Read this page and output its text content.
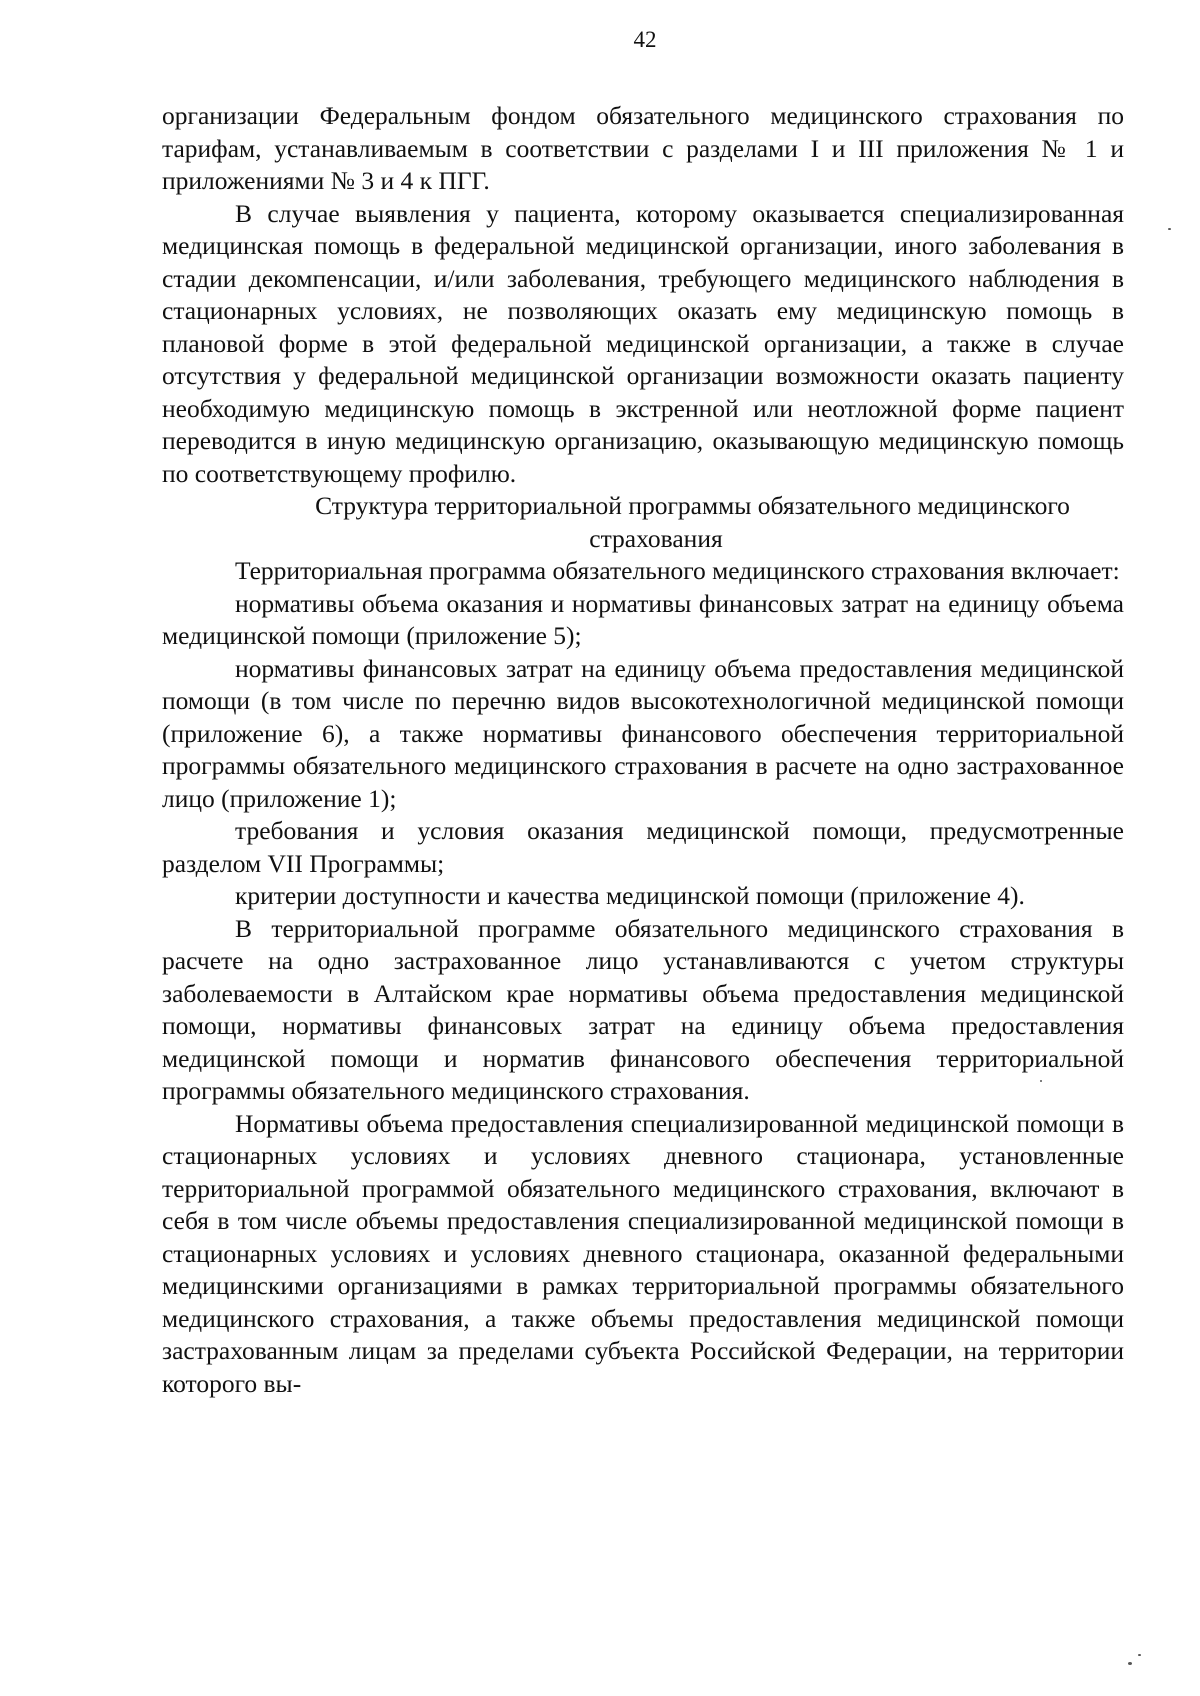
42

организации Федеральным фондом обязательного медицинского страхования по тарифам, устанавливаемым в соответствии с разделами I и III приложения № 1 и приложениями № 3 и 4 к ПГГ.

В случае выявления у пациента, которому оказывается специализированная медицинская помощь в федеральной медицинской организации, иного заболевания в стадии декомпенсации, и/или заболевания, требующего медицинского наблюдения в стационарных условиях, не позволяющих оказать ему медицинскую помощь в плановой форме в этой федеральной медицинской организации, а также в случае отсутствия у федеральной медицинской организации возможности оказать пациенту необходимую медицинскую помощь в экстренной или неотложной форме пациент переводится в иную медицинскую организацию, оказывающую медицинскую помощь по соответствующему профилю.

Структура территориальной программы обязательного медицинского страхования

Территориальная программа обязательного медицинского страхования включает:

нормативы объема оказания и нормативы финансовых затрат на единицу объема медицинской помощи (приложение 5);

нормативы финансовых затрат на единицу объема предоставления медицинской помощи (в том числе по перечню видов высокотехнологичной медицинской помощи (приложение 6), а также нормативы финансового обеспечения территориальной программы обязательного медицинского страхования в расчете на одно застрахованное лицо (приложение 1);

требования и условия оказания медицинской помощи, предусмотренные разделом VII Программы;

критерии доступности и качества медицинской помощи (приложение 4).

В территориальной программе обязательного медицинского страхования в расчете на одно застрахованное лицо устанавливаются с учетом структуры заболеваемости в Алтайском крае нормативы объема предоставления медицинской помощи, нормативы финансовых затрат на единицу объема предоставления медицинской помощи и норматив финансового обеспечения территориальной программы обязательного медицинского страхования.

Нормативы объема предоставления специализированной медицинской помощи в стационарных условиях и условиях дневного стационара, установленные территориальной программой обязательного медицинского страхования, включают в себя в том числе объемы предоставления специализированной медицинской помощи в стационарных условиях и условиях дневного стационара, оказанной федеральными медицинскими организациями в рамках территориальной программы обязательного медицинского страхования, а также объемы предоставления медицинской помощи застрахованным лицам за пределами субъекта Российской Федерации, на территории которого вы-
